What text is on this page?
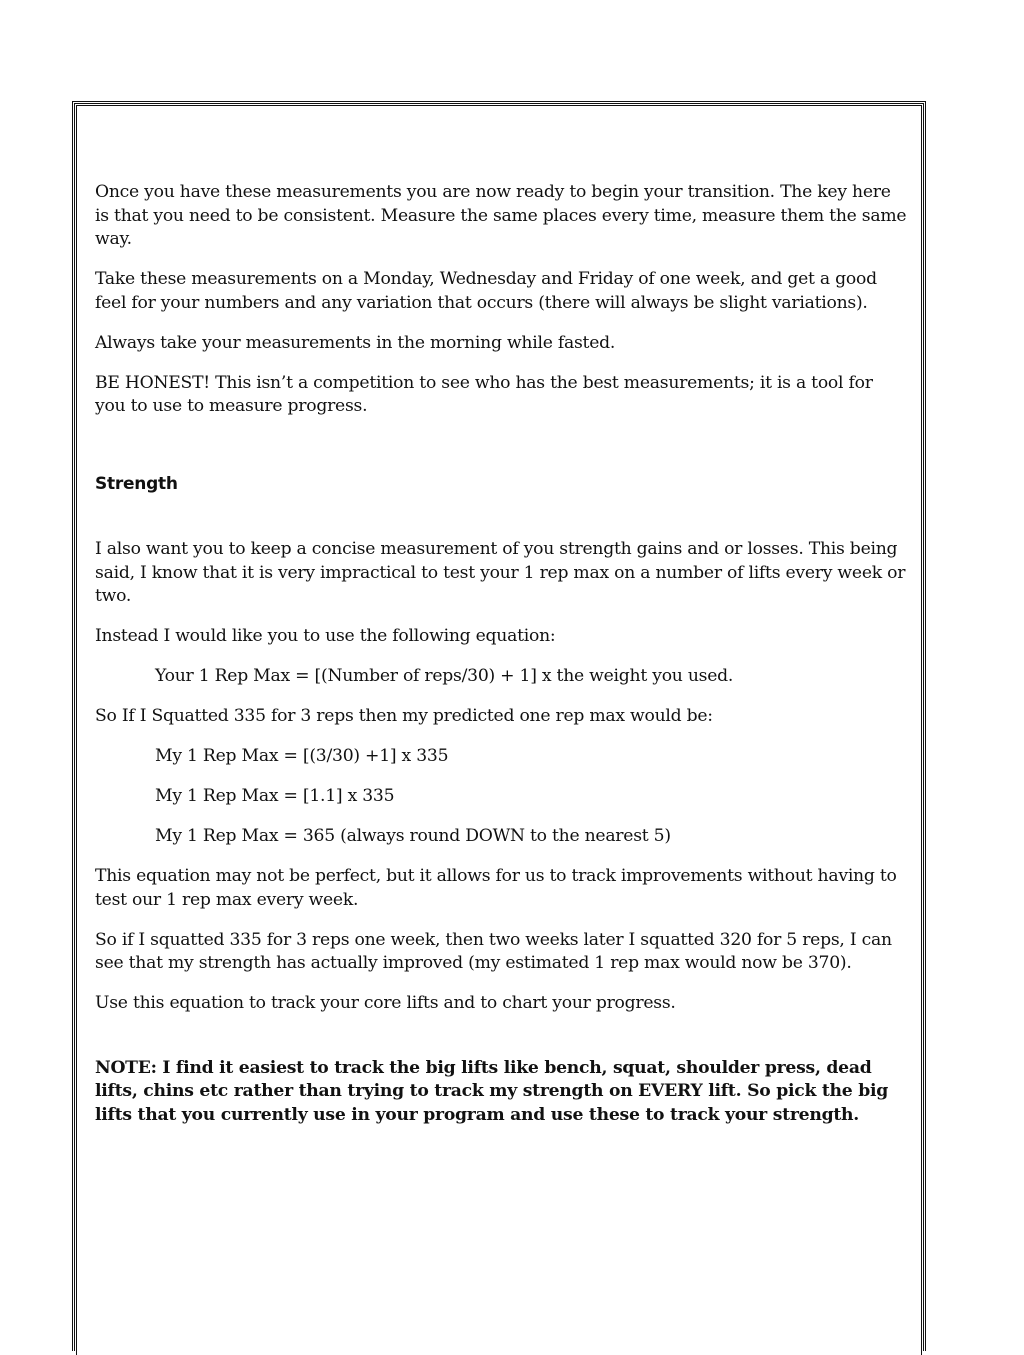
Once you have these measurements you are now ready to begin your transition. The key here is that you need to be consistent. Measure the same places every time, measure them the same way.

Take these measurements on a Monday, Wednesday and Friday of one week, and get a good feel for your numbers and any variation that occurs (there will always be slight variations).

Always take your measurements in the morning while fasted.

BE HONEST! This isn’t a competition to see who has the best measurements; it is a tool for you to use to measure progress.

Strength

I also want you to keep a concise measurement of you strength gains and or losses. This being said, I know that it is very impractical to test your 1 rep max on a number of lifts every week or two.

Instead I would like you to use the following equation:

Your 1 Rep Max = [(Number of reps/30) + 1] x the weight you used.

So If I Squatted 335 for 3 reps then my predicted one rep max would be:

My 1 Rep Max = [(3/30) +1] x 335

My 1 Rep Max = [1.1] x 335

My 1 Rep Max = 365 (always round DOWN to the nearest 5)

This equation may not be perfect, but it allows for us to track improvements without having to test our 1 rep max every week.

So if I squatted 335 for 3 reps one week, then two weeks later I squatted 320 for 5 reps, I can see that my strength has actually improved (my estimated 1 rep max would now be 370).

Use this equation to track your core lifts and to chart your progress.

NOTE: I find it easiest to track the big lifts like bench, squat, shoulder press, dead lifts, chins etc rather than trying to track my strength on EVERY lift. So pick the big lifts that you currently use in your program and use these to track your strength.
